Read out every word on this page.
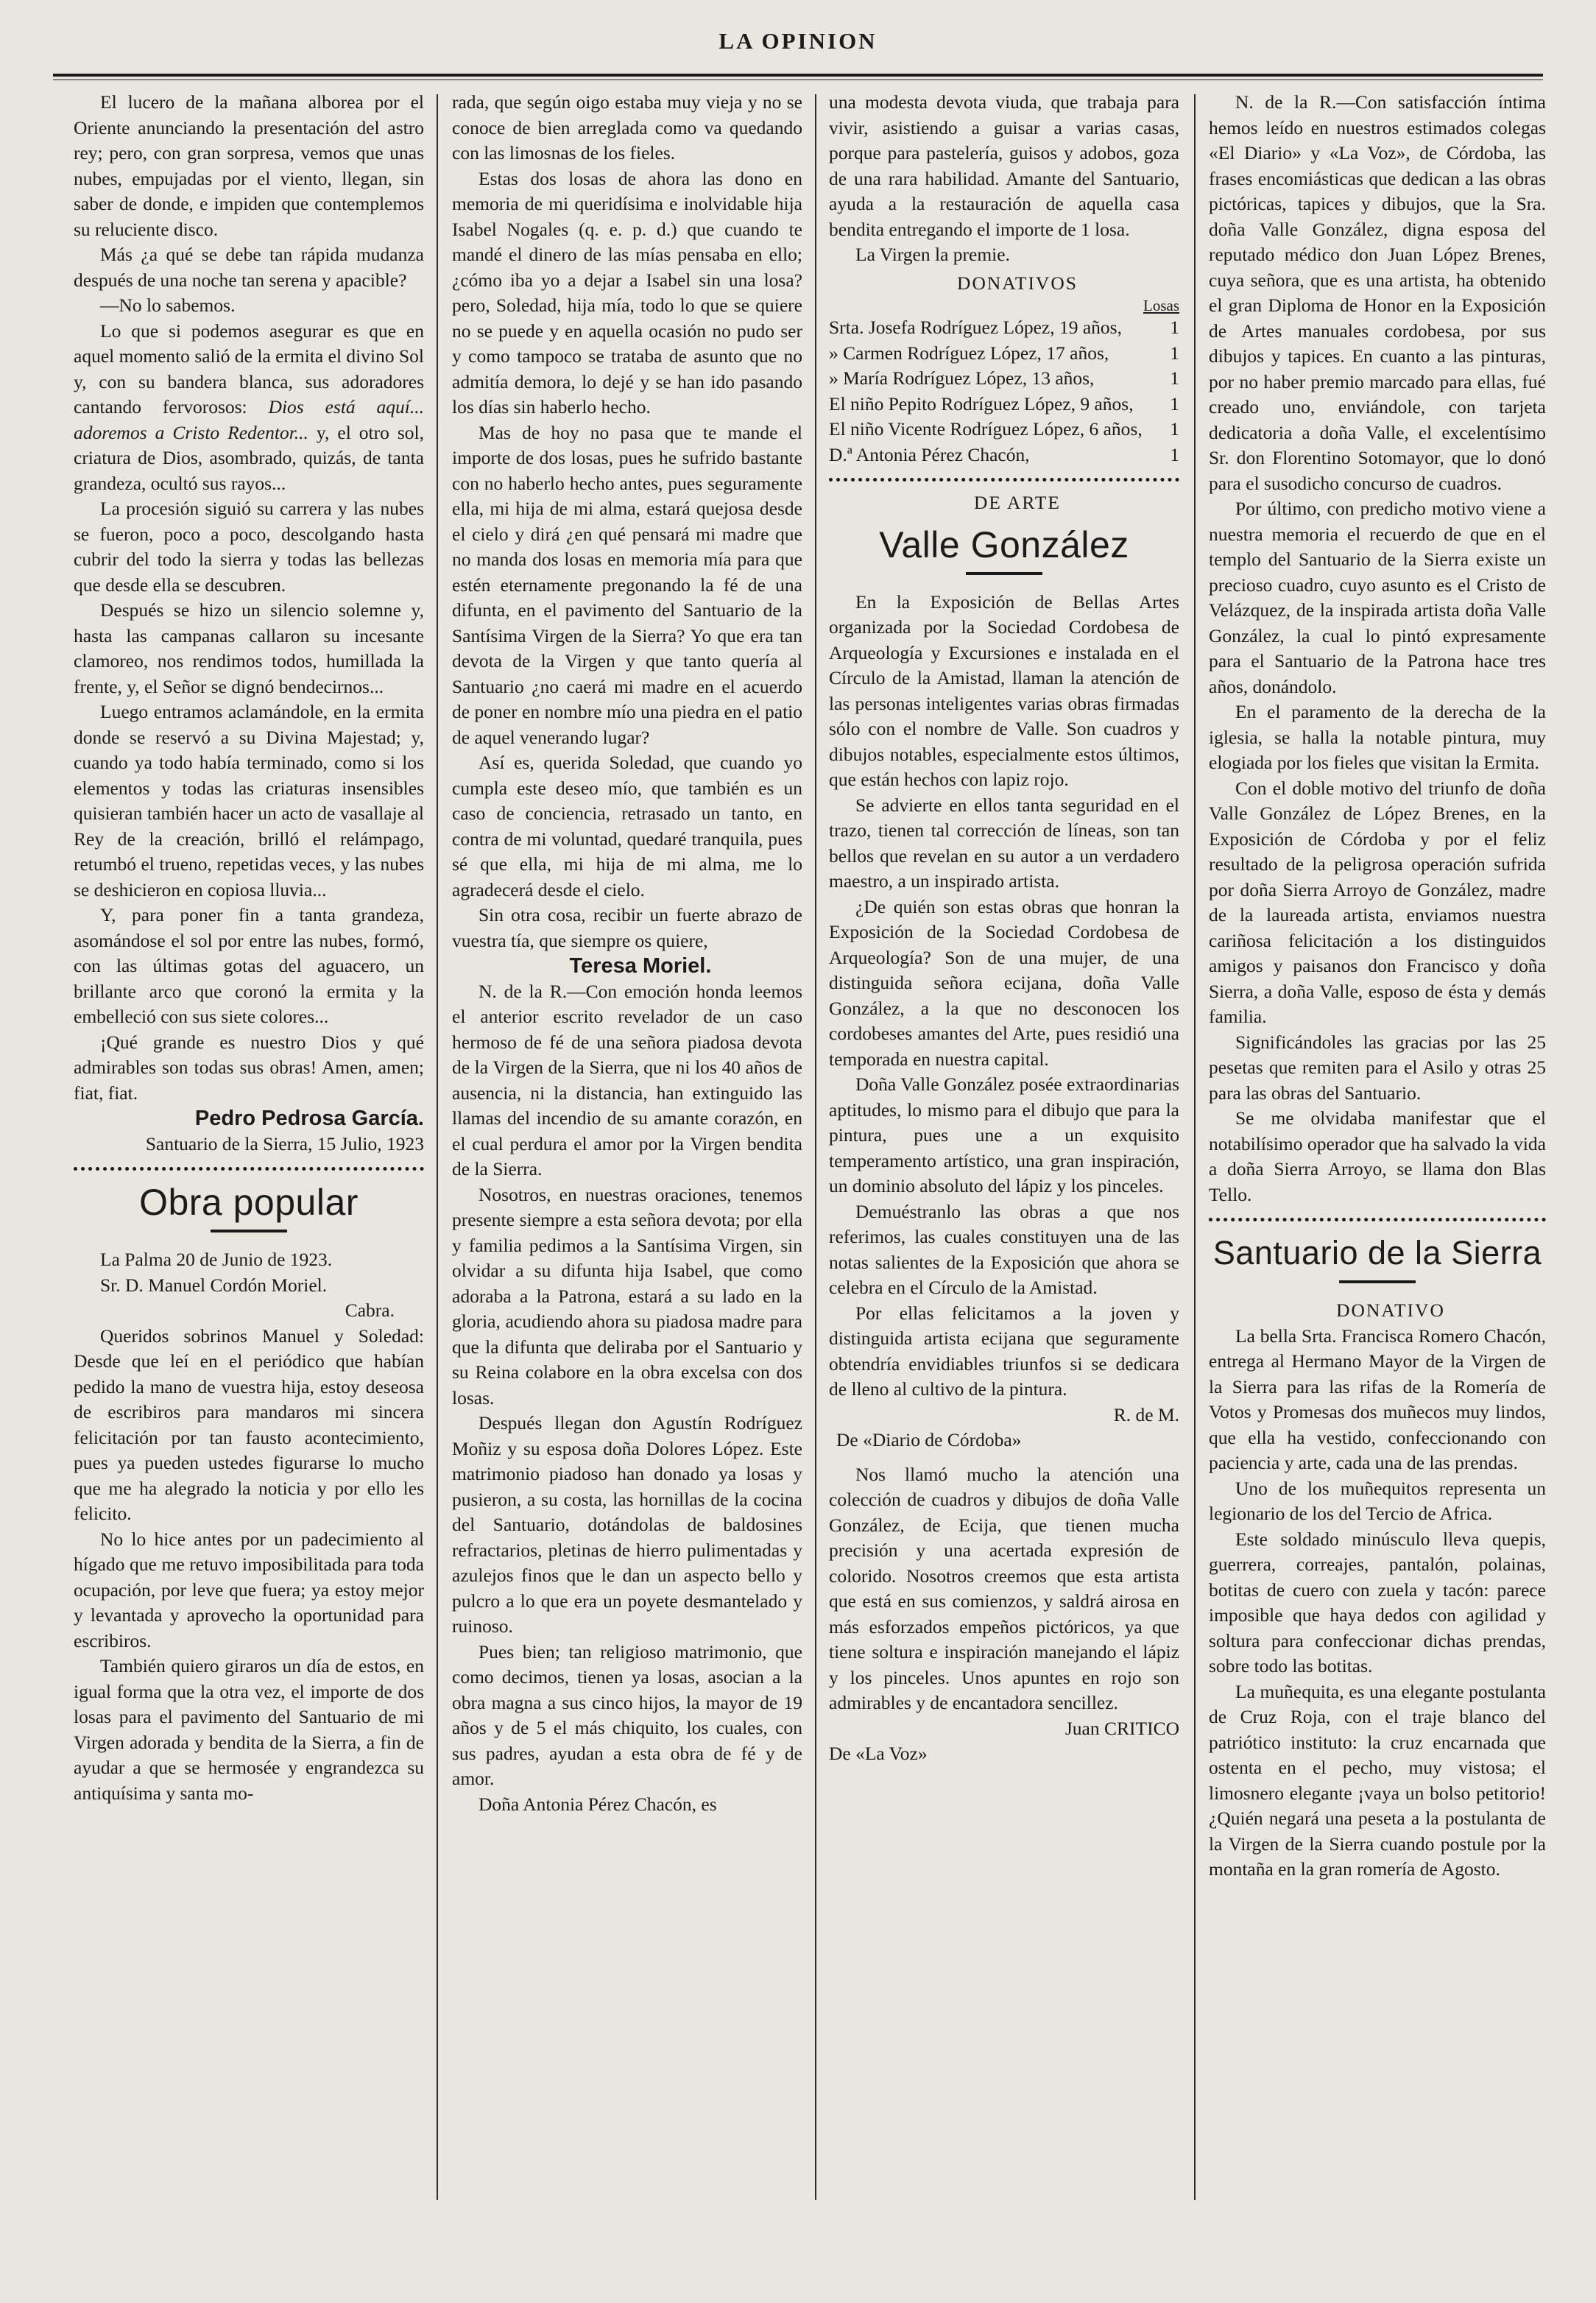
LA OPINION

El lucero de la mañana alborea por el Oriente anunciando la presentación del astro rey; pero, con gran sorpresa, vemos que unas nubes, empujadas por el viento, llegan, sin saber de donde, e impiden que contemplemos su reluciente disco.

Más ¿a qué se debe tan rápida mudanza después de una noche tan serena y apacible?

—No lo sabemos.

Lo que si podemos asegurar es que en aquel momento salió de la ermita el divino Sol y, con su bandera blanca, sus adoradores cantando fervorosos: Dios está aquí... adoremos a Cristo Redentor... y, el otro sol, criatura de Dios, asombrado, quizás, de tanta grandeza, ocultó sus rayos...

La procesión siguió su carrera y las nubes se fueron, poco a poco, descolgando hasta cubrir del todo la sierra y todas las bellezas que desde ella se descubren.

Después se hizo un silencio solemne y, hasta las campanas callaron su incesante clamoreo, nos rendimos todos, humillada la frente, y, el Señor se dignó bendecirnos...

Luego entramos aclamándole, en la ermita donde se reservó a su Divina Majestad; y, cuando ya todo había terminado, como si los elementos y todas las criaturas insensibles quisieran también hacer un acto de vasallaje al Rey de la creación, brilló el relámpago, retumbó el trueno, repetidas veces, y las nubes se deshicieron en copiosa lluvia...

Y, para poner fin a tanta grandeza, asomándose el sol por entre las nubes, formó, con las últimas gotas del aguacero, un brillante arco que coronó la ermita y la embelleció con sus siete colores...

¡Qué grande es nuestro Dios y qué admirables son todas sus obras! Amen, amen; fiat, fiat.

Pedro Pedrosa García.

Santuario de la Sierra, 15 Julio, 1923

Obra popular

La Palma 20 de Junio de 1923.

Sr. D. Manuel Cordón Moriel.

Cabra.

Queridos sobrinos Manuel y Soledad: Desde que leí en el periódico que habían pedido la mano de vuestra hija, estoy deseosa de escribiros para mandaros mi sincera felicitación por tan fausto acontecimiento, pues ya pueden ustedes figurarse lo mucho que me ha alegrado la noticia y por ello les felicito.

No lo hice antes por un padecimiento al hígado que me retuvo imposibilitada para toda ocupación, por leve que fuera; ya estoy mejor y levantada y aprovecho la oportunidad para escribiros.

También quiero giraros un día de estos, en igual forma que la otra vez, el importe de dos losas para el pavimento del Santuario de mi Virgen adorada y bendita de la Sierra, a fin de ayudar a que se hermosée y engrandezca su antiquísima y santa mo-

rada, que según oigo estaba muy vieja y no se conoce de bien arreglada como va quedando con las limosnas de los fieles.

Estas dos losas de ahora las dono en memoria de mi queridísima e inolvidable hija Isabel Nogales (q. e. p. d.) que cuando te mandé el dinero de las mías pensaba en ello; ¿cómo iba yo a dejar a Isabel sin una losa? pero, Soledad, hija mía, todo lo que se quiere no se puede y en aquella ocasión no pudo ser y como tampoco se trataba de asunto que no admitía demora, lo dejé y se han ido pasando los días sin haberlo hecho.

Mas de hoy no pasa que te mande el importe de dos losas, pues he sufrido bastante con no haberlo hecho antes, pues seguramente ella, mi hija de mi alma, estará quejosa desde el cielo y dirá ¿en qué pensará mi madre que no manda dos losas en memoria mía para que estén eternamente pregonando la fé de una difunta, en el pavimento del Santuario de la Santísima Virgen de la Sierra? Yo que era tan devota de la Virgen y que tanto quería al Santuario ¿no caerá mi madre en el acuerdo de poner en nombre mío una piedra en el patio de aquel venerando lugar?

Así es, querida Soledad, que cuando yo cumpla este deseo mío, que también es un caso de conciencia, retrasado un tanto, en contra de mi voluntad, quedaré tranquila, pues sé que ella, mi hija de mi alma, me lo agradecerá desde el cielo.

Sin otra cosa, recibir un fuerte abrazo de vuestra tía, que siempre os quiere,

Teresa Moriel.

N. de la R.—Con emoción honda leemos el anterior escrito revelador de un caso hermoso de fé de una señora piadosa devota de la Virgen de la Sierra, que ni los 40 años de ausencia, ni la distancia, han extinguido las llamas del incendio de su amante corazón, en el cual perdura el amor por la Virgen bendita de la Sierra.

Nosotros, en nuestras oraciones, tenemos presente siempre a esta señora devota; por ella y familia pedimos a la Santísima Virgen, sin olvidar a su difunta hija Isabel, que como adoraba a la Patrona, estará a su lado en la gloria, acudiendo ahora su piadosa madre para que la difunta que deliraba por el Santuario y su Reina colabore en la obra excelsa con dos losas.

Después llegan don Agustín Rodríguez Moñiz y su esposa doña Dolores López. Este matrimonio piadoso han donado ya losas y pusieron, a su costa, las hornillas de la cocina del Santuario, dotándolas de baldosines refractarios, pletinas de hierro pulimentadas y azulejos finos que le dan un aspecto bello y pulcro a lo que era un poyete desmantelado y ruinoso.

Pues bien; tan religioso matrimonio, que como decimos, tienen ya losas, asocian a la obra magna a sus cinco hijos, la mayor de 19 años y de 5 el más chiquito, los cuales, con sus padres, ayudan a esta obra de fé y de amor.

Doña Antonia Pérez Chacón, es

una modesta devota viuda, que trabaja para vivir, asistiendo a guisar a varias casas, porque para pastelería, guisos y adobos, goza de una rara habilidad. Amante del Santuario, ayuda a la restauración de aquella casa bendita entregando el importe de 1 losa.

La Virgen la premie.

DONATIVOS

Losas
Srta. Josefa Rodríguez López, 19 años,	1
» Carmen Rodríguez López, 17 años,	1
» María Rodríguez López, 13 años,	1
El niño Pepito Rodríguez López, 9 años,	1
El niño Vicente Rodríguez López, 6 años,	1
D.ª Antonia Pérez Chacón,	1

DE ARTE

Valle González

En la Exposición de Bellas Artes organizada por la Sociedad Cordobesa de Arqueología y Excursiones e instalada en el Círculo de la Amistad, llaman la atención de las personas inteligentes varias obras firmadas sólo con el nombre de Valle. Son cuadros y dibujos notables, especialmente estos últimos, que están hechos con lapiz rojo.

Se advierte en ellos tanta seguridad en el trazo, tienen tal corrección de líneas, son tan bellos que revelan en su autor a un verdadero maestro, a un inspirado artista.

¿De quién son estas obras que honran la Exposición de la Sociedad Cordobesa de Arqueología? Son de una mujer, de una distinguida señora ecijana, doña Valle González, a la que no desconocen los cordobeses amantes del Arte, pues residió una temporada en nuestra capital.

Doña Valle González posée extraordinarias aptitudes, lo mismo para el dibujo que para la pintura, pues une a un exquisito temperamento artístico, una gran inspiración, un dominio absoluto del lápiz y los pinceles.

Demuéstranlo las obras a que nos referimos, las cuales constituyen una de las notas salientes de la Exposición que ahora se celebra en el Círculo de la Amistad.

Por ellas felicitamos a la joven y distinguida artista ecijana que seguramente obtendría envidiables triunfos si se dedicara de lleno al cultivo de la pintura.

R. de M.

De «Diario de Córdoba»

Nos llamó mucho la atención una colección de cuadros y dibujos de doña Valle González, de Ecija, que tienen mucha precisión y una acertada expresión de colorido. Nosotros creemos que esta artista que está en sus comienzos, y saldrá airosa en más esforzados empeños pictóricos, ya que tiene soltura e inspiración manejando el lápiz y los pinceles. Unos apuntes en rojo son admirables y de encantadora sencillez.

Juan CRITICO

De «La Voz»

N. de la R.—Con satisfacción íntima hemos leído en nuestros estimados colegas «El Diario» y «La Voz», de Córdoba, las frases encomiásticas que dedican a las obras pictóricas, tapices y dibujos, que la Sra. doña Valle González, digna esposa del reputado médico don Juan López Brenes, cuya señora, que es una artista, ha obtenido el gran Diploma de Honor en la Exposición de Artes manuales cordobesa, por sus dibujos y tapices. En cuanto a las pinturas, por no haber premio marcado para ellas, fué creado uno, enviándole, con tarjeta dedicatoria a doña Valle, el excelentísimo Sr. don Florentino Sotomayor, que lo donó para el susodicho concurso de cuadros.

Por último, con predicho motivo viene a nuestra memoria el recuerdo de que en el templo del Santuario de la Sierra existe un precioso cuadro, cuyo asunto es el Cristo de Velázquez, de la inspirada artista doña Valle González, la cual lo pintó expresamente para el Santuario de la Patrona hace tres años, donándolo.

En el paramento de la derecha de la iglesia, se halla la notable pintura, muy elogiada por los fieles que visitan la Ermita.

Con el doble motivo del triunfo de doña Valle González de López Brenes, en la Exposición de Córdoba y por el feliz resultado de la peligrosa operación sufrida por doña Sierra Arroyo de González, madre de la laureada artista, enviamos nuestra cariñosa felicitación a los distinguidos amigos y paisanos don Francisco y doña Sierra, a doña Valle, esposo de ésta y demás familia.

Significándoles las gracias por las 25 pesetas que remiten para el Asilo y otras 25 para las obras del Santuario.

Se me olvidaba manifestar que el notabilísimo operador que ha salvado la vida a doña Sierra Arroyo, se llama don Blas Tello.

Santuario de la Sierra

DONATIVO

La bella Srta. Francisca Romero Chacón, entrega al Hermano Mayor de la Virgen de la Sierra para las rifas de la Romería de Votos y Promesas dos muñecos muy lindos, que ella ha vestido, confeccionando con paciencia y arte, cada una de las prendas.

Uno de los muñequitos representa un legionario de los del Tercio de Africa.

Este soldado minúsculo lleva quepis, guerrera, correajes, pantalón, polainas, botitas de cuero con zuela y tacón: parece imposible que haya dedos con agilidad y soltura para confeccionar dichas prendas, sobre todo las botitas.

La muñequita, es una elegante postulanta de Cruz Roja, con el traje blanco del patriótico instituto: la cruz encarnada que ostenta en el pecho, muy vistosa; el limosnero elegante ¡vaya un bolso petitorio! ¿Quién negará una peseta a la postulanta de la Virgen de la Sierra cuando postule por la montaña en la gran romería de Agosto.
